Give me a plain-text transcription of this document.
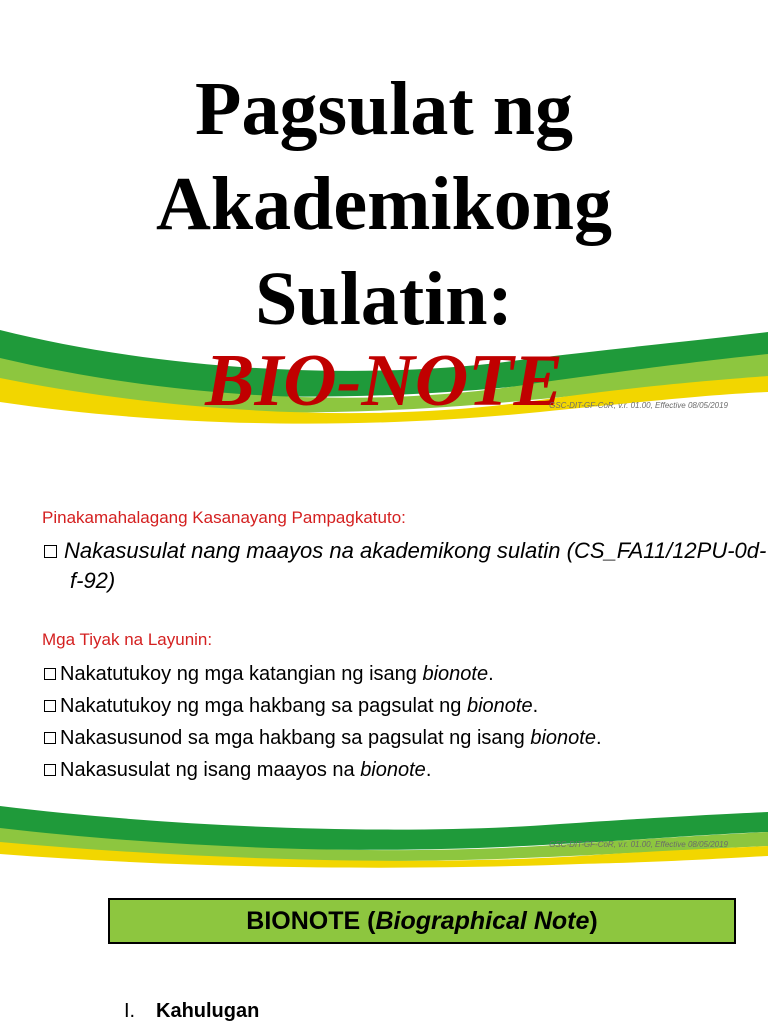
Pagsulat ng
Akademikong
Sulatin:

BIO-NOTE

GSC-DIT-GF-CoR, v.r. 01.00, Effective 08/05/2019

Pinakamahalagang Kasanayang Pampagkatuto:

Nakasusulat nang maayos na akademikong sulatin (CS_FA11/12PU-0d-f-92)

Mga Tiyak na Layunin:

Nakatutukoy ng mga katangian ng isang bionote.
Nakatutukoy ng mga hakbang sa pagsulat ng bionote.
Nakasusunod sa mga hakbang sa pagsulat ng isang bionote.
Nakasusulat ng isang maayos na bionote.
GSC-DIT-GF-CoR, v.r. 01.00, Effective 08/05/2019
BIONOTE (Biographical Note)

I. Kahulugan
